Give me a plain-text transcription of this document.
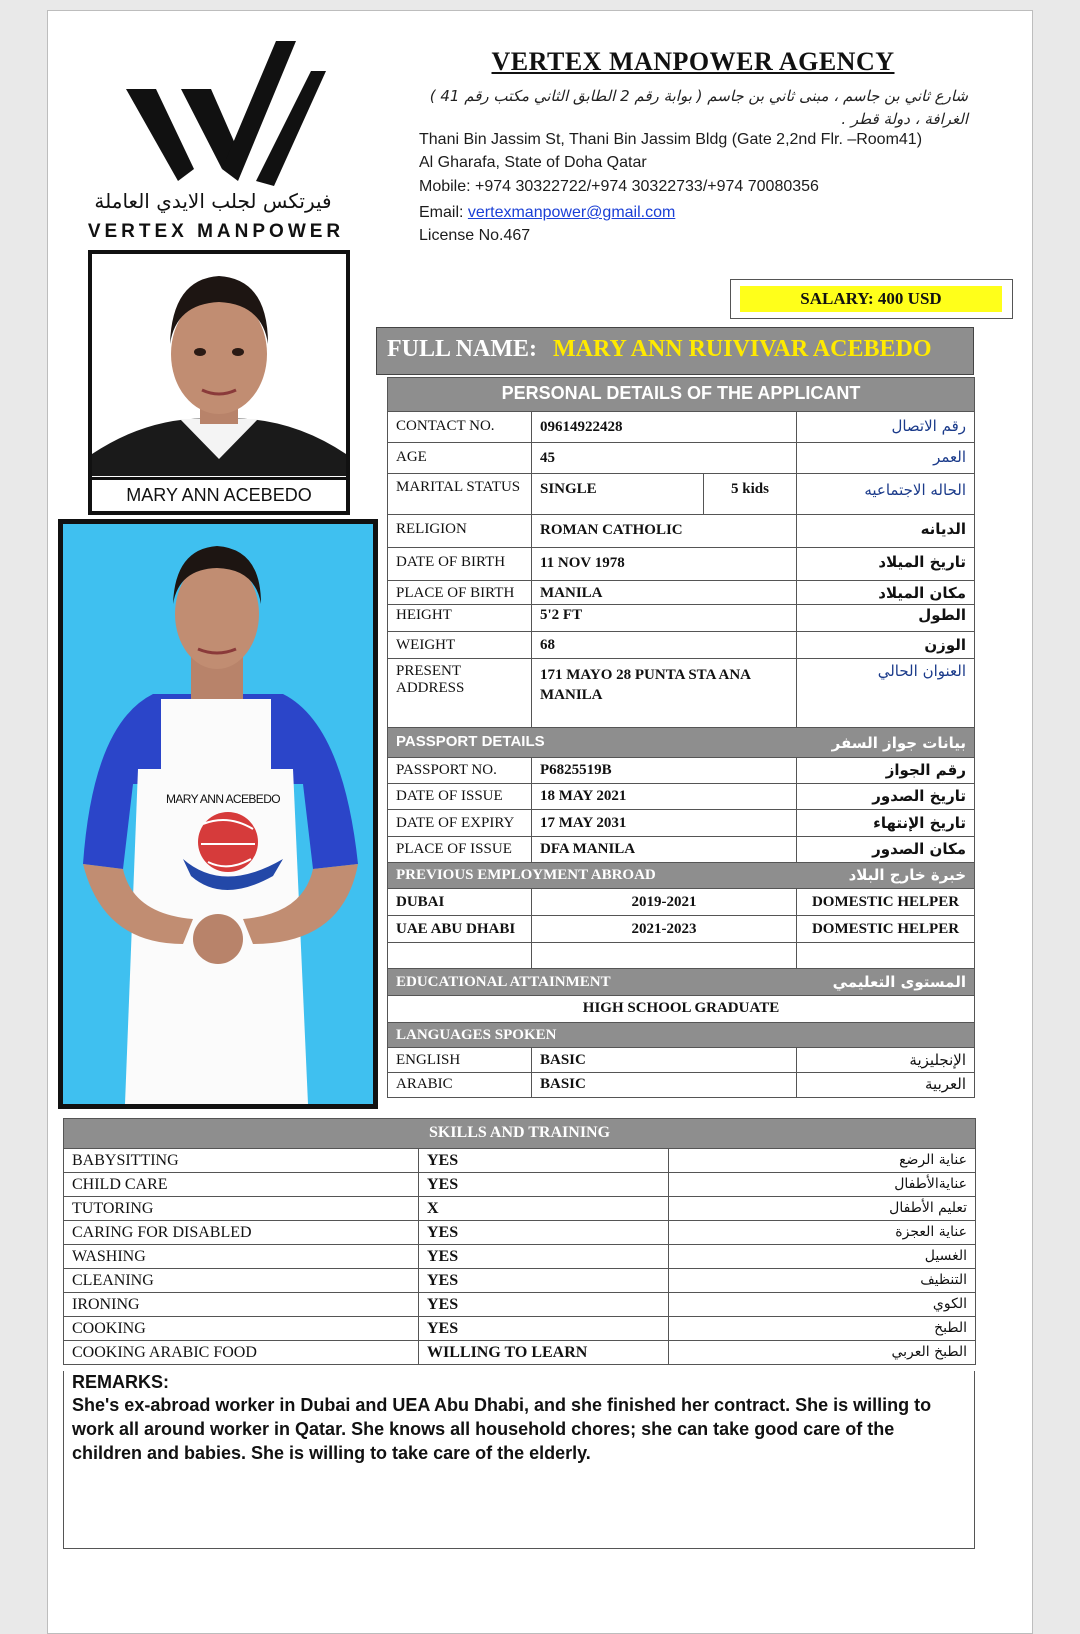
فيرتكس لجلب الايدي العاملة
VERTEX MANPOWER
VERTEX MANPOWER AGENCY
شارع ثاني بن جاسم ، مبنى ثاني بن جاسم ( بوابة رقم 2 الطابق الثاني مكتب رقم 41 )
الغرافة ، دولة قطر .
Thani Bin Jassim St, Thani Bin Jassim Bldg (Gate 2,2nd Flr. –Room41)
Al Gharafa, State of Doha Qatar
Mobile: +974 30322722/+974 30322733/+974 70080356
Email: vertexmanpower@gmail.com
License No.467
SALARY: 400 USD
MARY ANN ACEBEDO
MARY ANN ACEBEDO
FULL NAME: MARY ANN RUIVIVAR ACEBEDO
PERSONAL DETAILS OF THE APPLICANT			
CONTACT NO.	09614922428		رقم الاتصال
AGE	45		العمر
MARITAL STATUS	SINGLE	5 kids	الحاله الاجتماعيه
RELIGION	ROMAN CATHOLIC		الديانه
DATE OF BIRTH	11 NOV 1978		تاريخ الميلاد
PLACE OF BIRTH	MANILA		مكان الميلاد
HEIGHT	5'2 FT		الطول
WEIGHT	68		الوزن
PRESENT ADDRESS	171 MAYO 28 PUNTA STA ANA MANILA		العنوان الحالي
PASSPORT DETAILS			بيانات جواز السفر
PASSPORT NO.	P6825519B		رقم الجواز
DATE OF ISSUE	18 MAY 2021		تاريخ الصدور
DATE OF EXPIRY	17 MAY 2031		تاريخ الإنتهاء
PLACE OF ISSUE	DFA MANILA		مكان الصدور
PREVIOUS EMPLOYMENT ABROAD			خبرة خارج البلاد
DUBAI	2019-2021		DOMESTIC HELPER
UAE ABU DHABI	2021-2023		DOMESTIC HELPER

EDUCATIONAL ATTAINMENT			المستوى التعليمي
HIGH SCHOOL GRADUATE			
LANGUAGES SPOKEN			
ENGLISH	BASIC		الإنجليزية
ARABIC	BASIC		العربية
SKILLS AND TRAINING		
BABYSITTING	YES	عناية الرضع
CHILD CARE	YES	عنايةالأطفال
TUTORING	X	تعليم الأطفال
CARING FOR DISABLED	YES	عناية العجزة
WASHING	YES	الغسيل
CLEANING	YES	التنظيف
IRONING	YES	الكوي
COOKING	YES	الطبخ
COOKING ARABIC FOOD	WILLING TO LEARN	الطبخ العربي
REMARKS:
She's ex-abroad worker in Dubai and UEA Abu Dhabi, and she finished her contract. She is willing to work all around worker in Qatar. She knows all household chores; she can take good care of the children and babies. She is willing to take care of the elderly.
